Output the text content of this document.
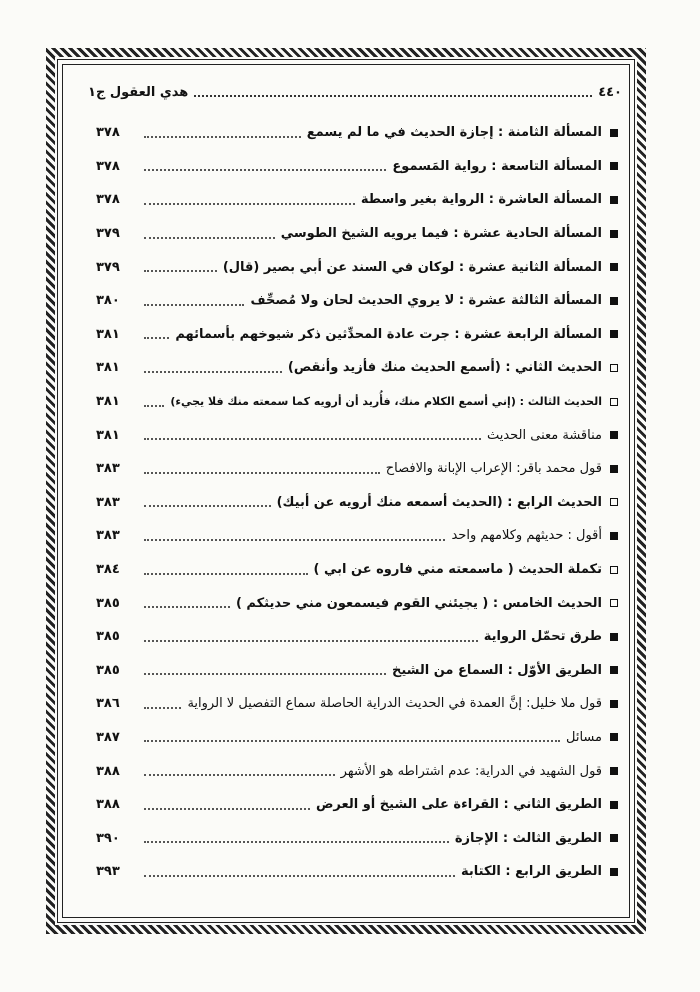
٤٤٠
هدي العقول ج١
المسألة الثامنة : إجازة الحديث في ما لم يسمع
٣٧٨
المسألة التاسعة : رواية المَسموع
٣٧٨
المسألة العاشرة : الرواية بغير واسطة
٣٧٨
المسألة الحادية عشرة : فيما يرويه الشيخ الطوسي
٣٧٩
المسألة الثانية عشرة : لوكان في السند عن أبي بصير (قال)
٣٧٩
المسألة الثالثة عشرة : لا يروي الحديث لحان ولا مُصحِّف
٣٨٠
المسألة الرابعة عشرة : جرت عادة المحدِّثين ذكر شيوخهم بأسمائهم
٣٨١
الحديث الثاني : (أسمع الحديث منك فأزيد وأنقص)
٣٨١
الحديث الثالث : (إني أسمع الكلام منك، فأُريد أن أرويه كما سمعته منك فلا يجيء)
٣٨١
مناقشة معنى الحديث
٣٨١
قول محمد باقر: الإعراب الإبانة والافصاح
٣٨٣
الحديث الرابع : (الحديث أسمعه منك أرويه عن أبيك)
٣٨٣
أقول : حديثهم وكلامهم واحد
٣٨٣
تكملة الحديث ( ماسمعته مني فاروه عن ابي )
٣٨٤
الحديث الخامس : ( يجيئني القوم فيسمعون مني حديثكم )
٣٨٥
طرق تحمّل الرواية
٣٨٥
الطريق الأوّل : السماع من الشيخ
٣٨٥
قول ملا خليل: إنَّ العمدة في الحديث الدراية الحاصلة سماع التفصيل لا الرواية
٣٨٦
مسائل
٣٨٧
قول الشهيد في الدراية: عدم اشتراطه هو الأشهر
٣٨٨
الطريق الثاني : القراءة على الشيخ أو العرض
٣٨٨
الطريق الثالث : الإجازة
٣٩٠
الطريق الرابع : الكتابة
٣٩٣
